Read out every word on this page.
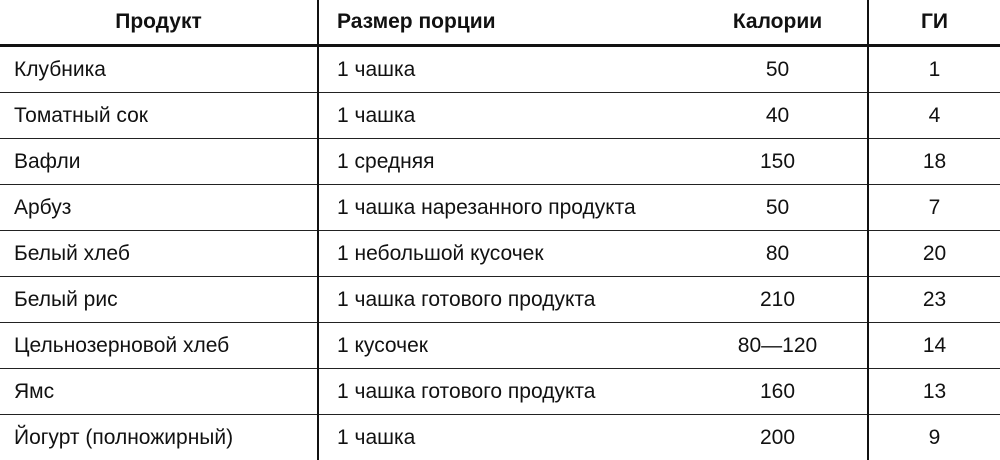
Продукт	Размер порции	Калории	ГИ
Клубника	1 чашка	50	1
Томатный сок	1 чашка	40	4
Вафли	1 средняя	150	18
Арбуз	1 чашка нарезанного продукта	50	7
Белый хлеб	1 небольшой кусочек	80	20
Белый рис	1 чашка готового продукта	210	23
Цельнозерновой хлеб	1 кусочек	80—120	14
Ямс	1 чашка готового продукта	160	13
Йогурт (полножирный)	1 чашка	200	9
